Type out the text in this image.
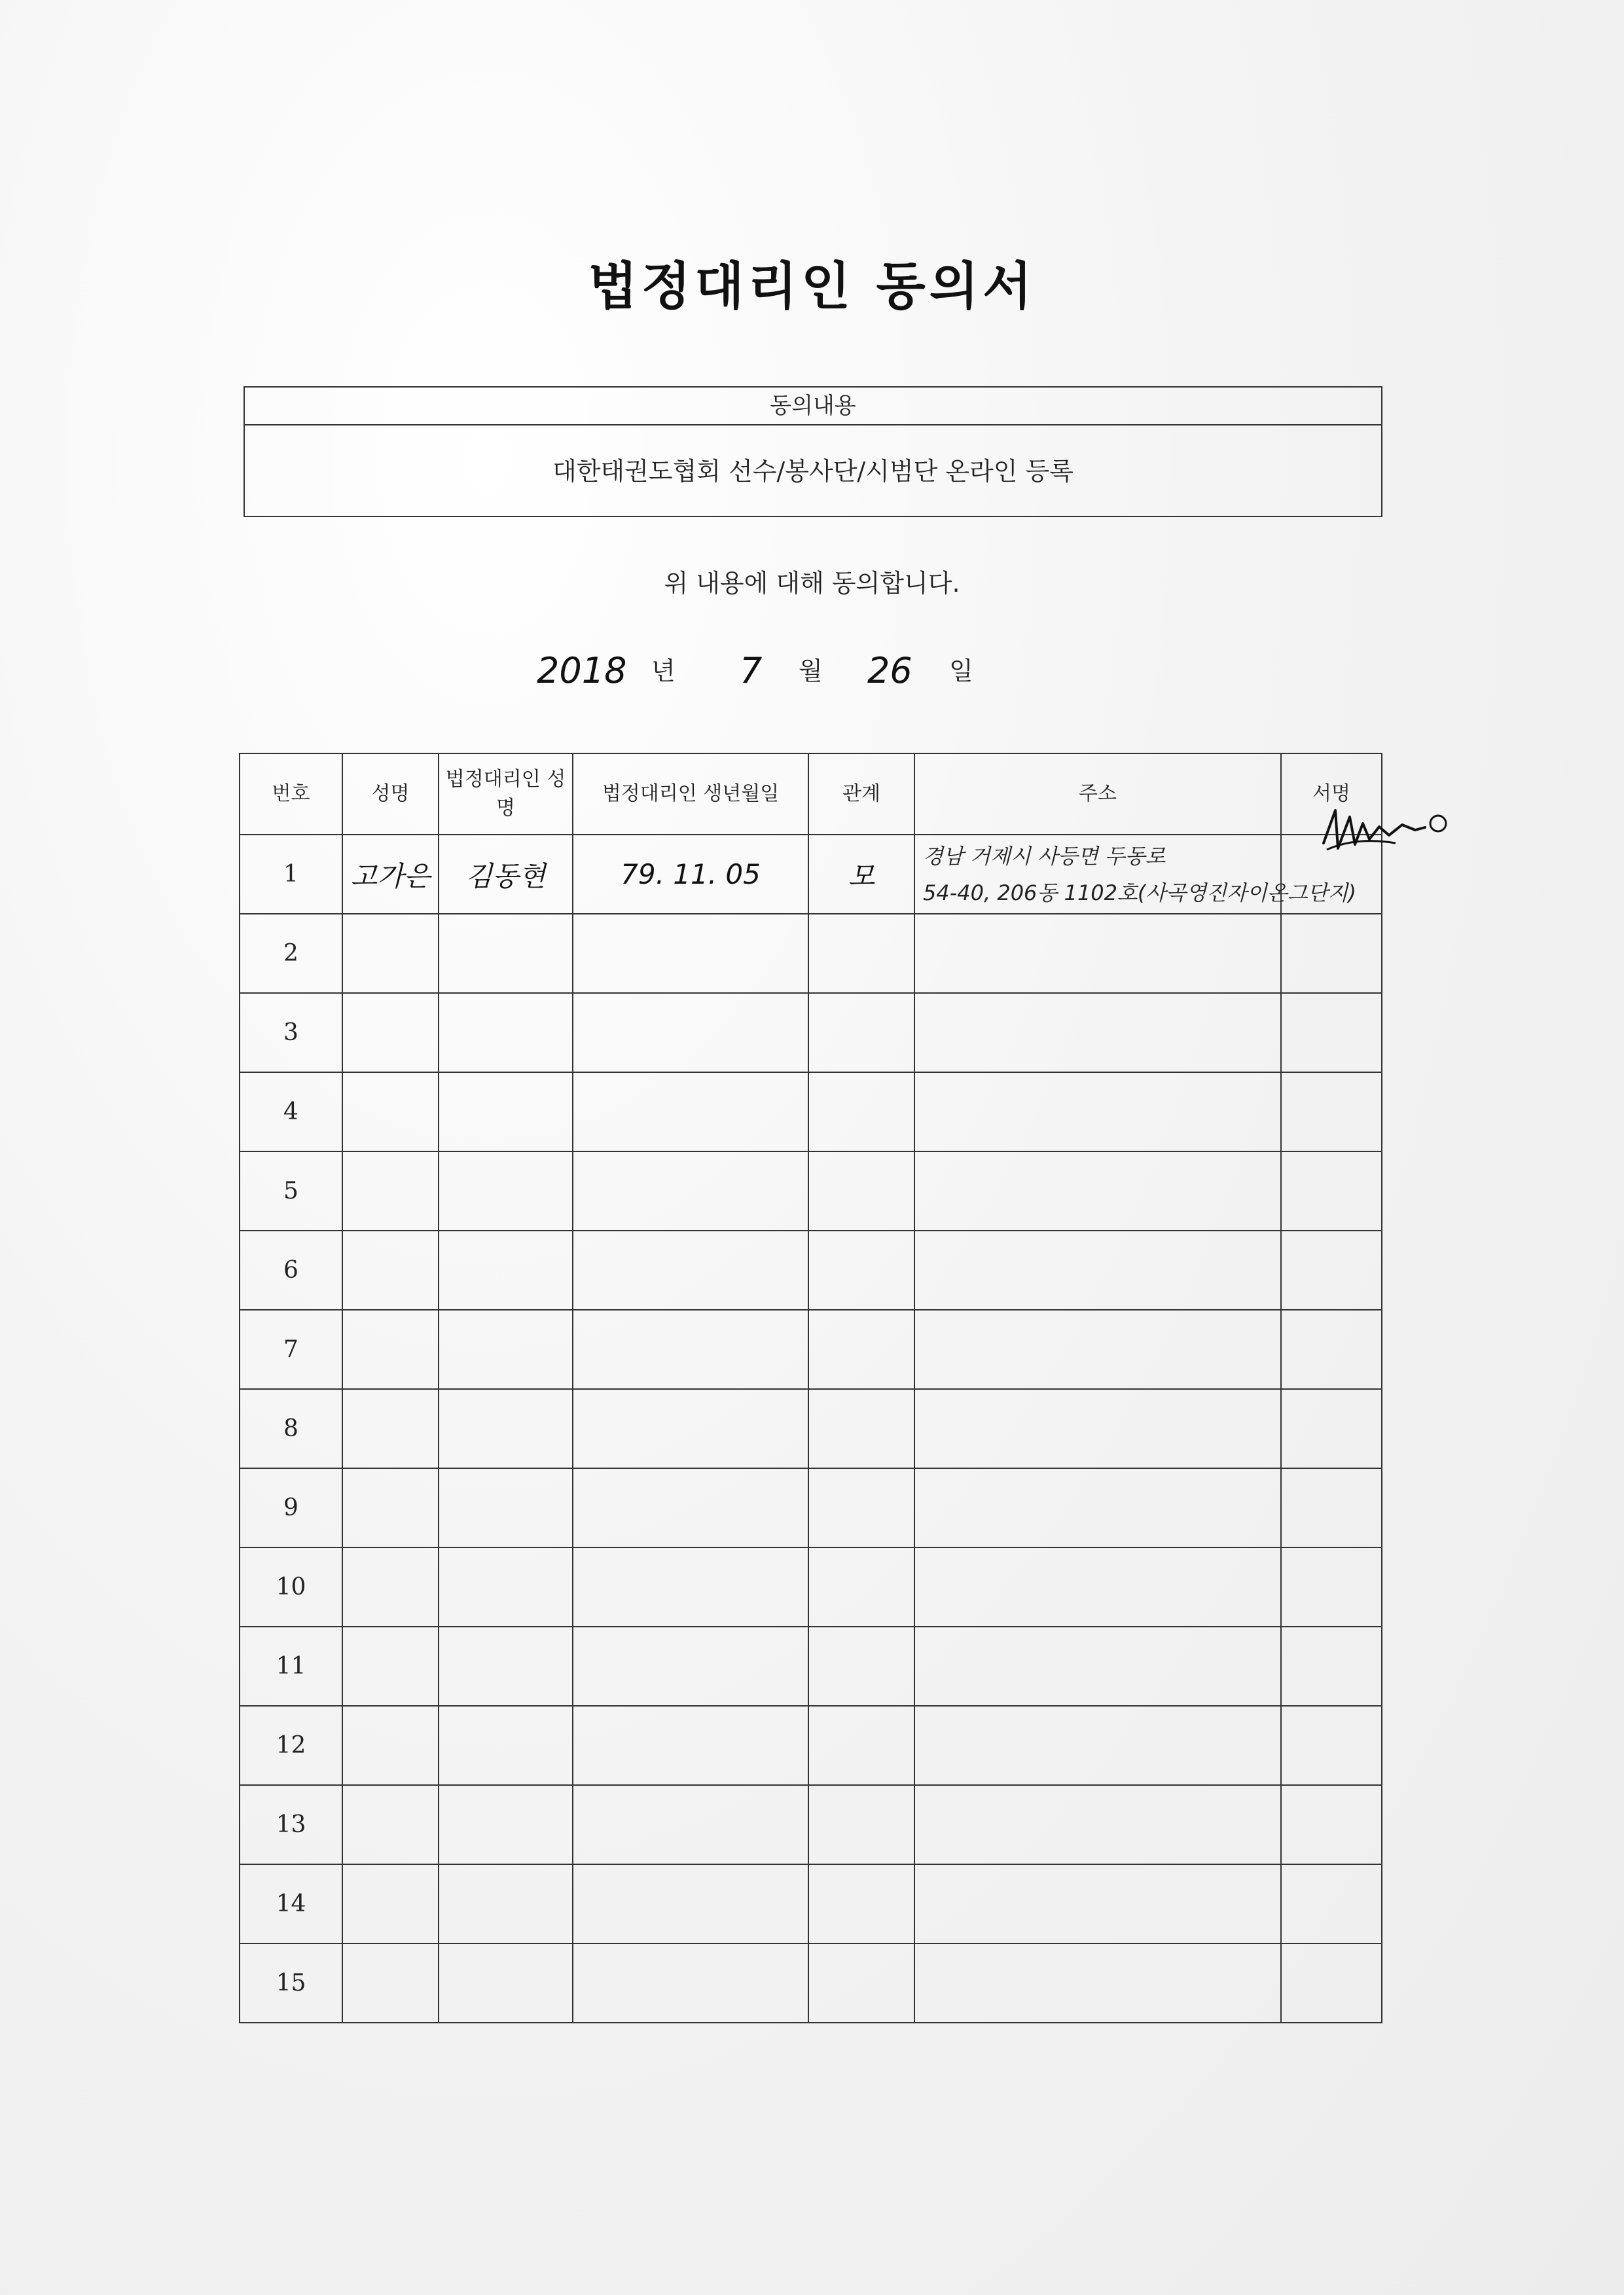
법정대리인 동의서
동의내용
대한태권도협회 선수/봉사단/시범단 온라인 등록
위 내용에 대해 동의합니다.
2018 년 7 월 26 일
번호	성명	법정대리인 성명	법정대리인 생년월일	관계	주소	서명
1	고가은	김동현	79. 11. 05	모	경남 거제시 사등면 두동로
54-40, 206동 1102호(사곡영진자이온그단지)	

2						
3						
4						
5						
6						
7						
8						
9						
10						
11						
12						
13						
14						
15						
